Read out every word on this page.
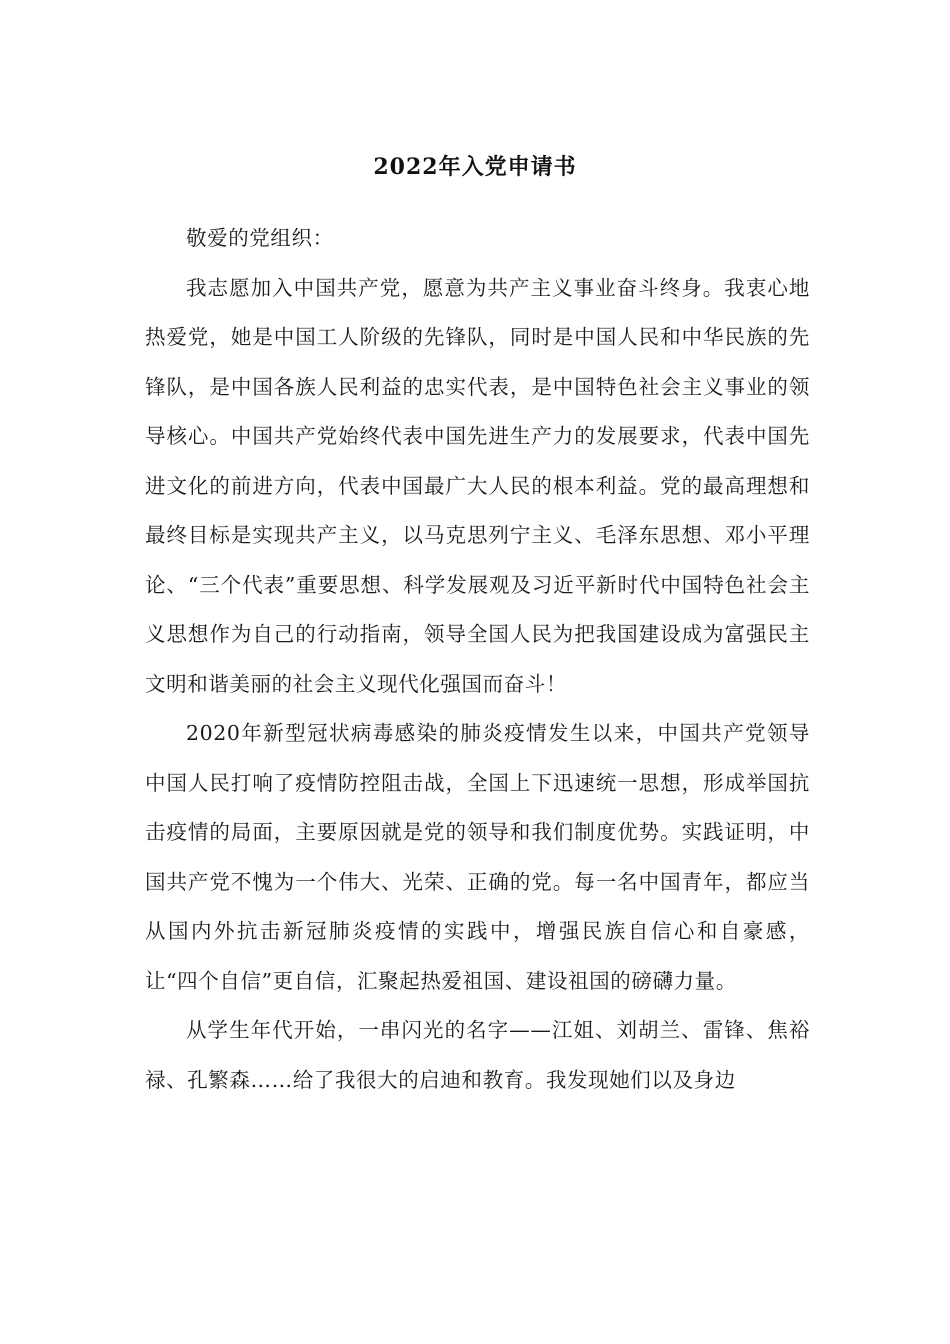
2022年入党申请书

敬爱的党组织：

我志愿加入中国共产党，愿意为共产主义事业奋斗终身。我衷心地热爱党，她是中国工人阶级的先锋队，同时是中国人民和中华民族的先锋队，是中国各族人民利益的忠实代表，是中国特色社会主义事业的领导核心。中国共产党始终代表中国先进生产力的发展要求，代表中国先进文化的前进方向，代表中国最广大人民的根本利益。党的最高理想和最终目标是实现共产主义，以马克思列宁主义、毛泽东思想、邓小平理论、“三个代表”重要思想、科学发展观及习近平新时代中国特色社会主义思想作为自己的行动指南，领导全国人民为把我国建设成为富强民主文明和谐美丽的社会主义现代化强国而奋斗！

2020年新型冠状病毒感染的肺炎疫情发生以来，中国共产党领导中国人民打响了疫情防控阻击战，全国上下迅速统一思想，形成举国抗击疫情的局面，主要原因就是党的领导和我们制度优势。实践证明，中国共产党不愧为一个伟大、光荣、正确的党。每一名中国青年，都应当从国内外抗击新冠肺炎疫情的实践中，增强民族自信心和自豪感，让“四个自信”更自信，汇聚起热爱祖国、建设祖国的磅礴力量。

从学生年代开始，一串闪光的名字——江姐、刘胡兰、雷锋、焦裕禄、孔繁森……给了我很大的启迪和教育。我发现她们以及身边
